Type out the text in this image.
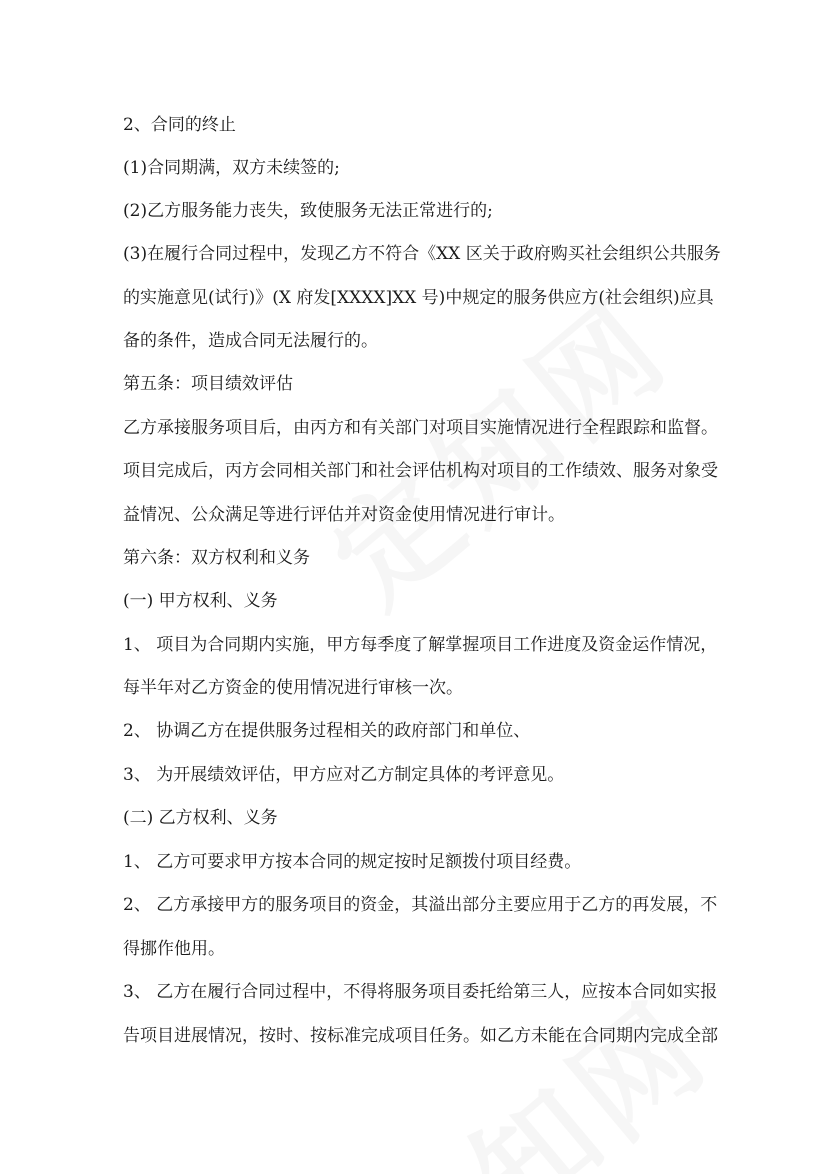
2、合同的终止
(1)合同期满，双方未续签的;
(2)乙方服务能力丧失，致使服务无法正常进行的;
(3)在履行合同过程中，发现乙方不符合《XX 区关于政府购买社会组织公共服务
的实施意见(试行)》(X 府发[XXXX]XX 号)中规定的服务供应方(社会组织)应具
备的条件，造成合同无法履行的。
第五条：项目绩效评估
乙方承接服务项目后，由丙方和有关部门对项目实施情况进行全程跟踪和监督。
项目完成后，丙方会同相关部门和社会评估机构对项目的工作绩效、服务对象受
益情况、公众满足等进行评估并对资金使用情况进行审计。
第六条：双方权利和义务
(一) 甲方权利、义务
1、 项目为合同期内实施，甲方每季度了解掌握项目工作进度及资金运作情况，
每半年对乙方资金的使用情况进行审核一次。
2、 协调乙方在提供服务过程相关的政府部门和单位、
3、 为开展绩效评估，甲方应对乙方制定具体的考评意见。
(二) 乙方权利、义务
1、 乙方可要求甲方按本合同的规定按时足额拨付项目经费。
2、 乙方承接甲方的服务项目的资金，其溢出部分主要应用于乙方的再发展，不
得挪作他用。
3、 乙方在履行合同过程中，不得将服务项目委托给第三人，应按本合同如实报
告项目进展情况，按时、按标准完成项目任务。如乙方未能在合同期内完成全部
